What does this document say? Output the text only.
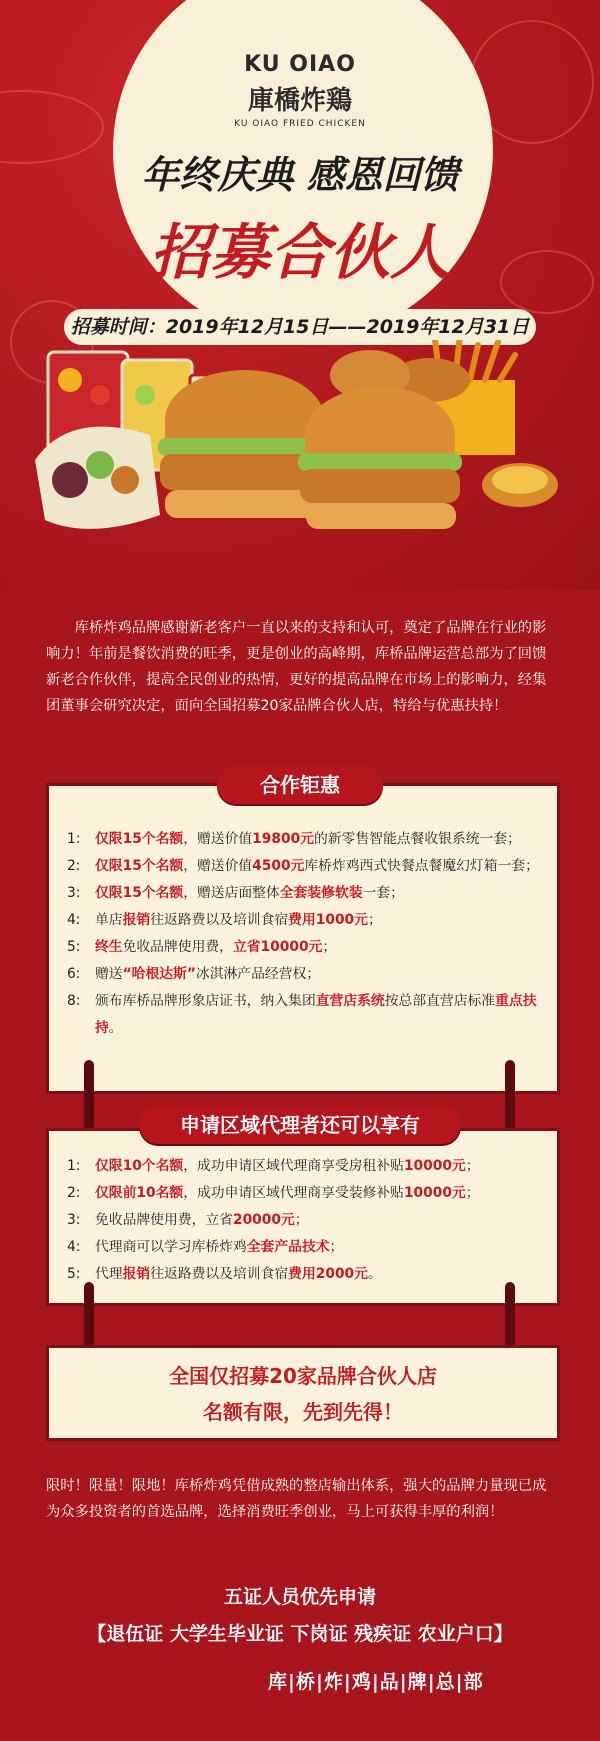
KU OIAO
庫橋炸鶏
KU OIAO FRIED CHICKEN
年终庆典 感恩回馈
招募合伙人
招募时间：2019年12月15日——2019年12月31日
库桥炸鸡品牌感谢新老客户一直以来的支持和认可，奠定了品牌在行业的影响力！年前是餐饮消费的旺季，更是创业的高峰期，库桥品牌运营总部为了回馈新老合作伙伴，提高全民创业的热情，更好的提高品牌在市场上的影响力，经集团董事会研究决定，面向全国招募20家品牌合伙人店，特给与优惠扶持！
1:	仅限15个名额，赠送价值19800元的新零售智能点餐收银系统一套；
2:	仅限15个名额，赠送价值4500元库桥炸鸡西式快餐点餐魔幻灯箱一套；
3:	仅限15个名额，赠送店面整体全套装修软装一套；
4:	单店报销往返路费以及培训食宿费用1000元；
5:	终生免收品牌使用费，立省10000元；
6:	赠送“哈根达斯”冰淇淋产品经营权；
8:	颁布库桥品牌形象店证书，纳入集团直营店系统按总部直营店标准重点扶持。
合作钜惠
1:	仅限10个名额，成功申请区域代理商享受房租补贴10000元；
2:	仅限前10名额，成功申请区域代理商享受装修补贴10000元；
3:	免收品牌使用费，立省20000元；
4:	代理商可以学习库桥炸鸡全套产品技术；
5:	代理报销往返路费以及培训食宿费用2000元。
申请区域代理者还可以享有
全国仅招募20家品牌合伙人店
名额有限，先到先得！
限时！限量！限地！库桥炸鸡凭借成熟的整店输出体系，强大的品牌力量现已成为众多投资者的首选品牌，选择消费旺季创业，马上可获得丰厚的利润！
五证人员优先申请
【退伍证 大学生毕业证 下岗证 残疾证 农业户口】
库|桥|炸|鸡|品|牌|总|部
